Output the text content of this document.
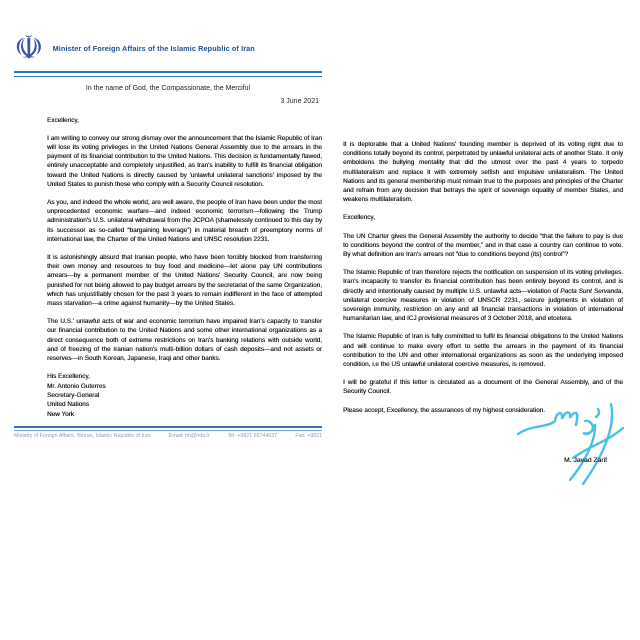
☫ Minister of Foreign Affairs of the Islamic Republic of Iran
In the name of God, the Compassionate, the Merciful
3 June 2021

Excellency,

I am writing to convey our strong dismay over the announcement that the Islamic Republic of Iran will lose its voting privileges in the United Nations General Assembly due to the arrears in the payment of its financial contribution to the United Nations. This decision is fundamentally flawed, entirely unacceptable and completely unjustified, as Iran's inability to fulfill its financial obligation toward the United Nations is directly caused by 'unlawful unilateral sanctions' imposed by the United States to punish those who comply with a Security Council resolution.

As you, and indeed the whole world, are well aware, the people of Iran have been under the most unprecedented economic warfare—and indeed economic terrorism—following the Trump administration's U.S. unilateral withdrawal from the JCPOA (shamelessly continued to this day by its successor as so-called “bargaining leverage”) in material breach of preemptory norms of international law, the Charter of the United Nations and UNSC resolution 2231.

It is astonishingly absurd that Iranian people, who have been forcibly blocked from transferring their own money and resources to buy food and medicine—let alone pay UN contributions arrears—by a permanent member of the United Nations' Security Council, are now being punished for not being allowed to pay budget arrears by the secretariat of the same Organization, which has unjustifiably chosen for the past 3 years to remain indifferent in the face of attempted mass starvation—a crime against humanity—by the United States.

The U.S.' unlawful acts of war and economic terrorism have impaired Iran's capacity to transfer our financial contribution to the United Nations and some other international organizations as a direct consequence both of extreme restrictions on Iran's banking relations with outside world, and of freezing of the Iranian nation's multi-billion dollars of cash deposits—and not assets or reserves—in South Korean, Japanese, Iraqi and other banks.

His Excellency,
Mr. Antonio Guterres
Secretary-General
United Nations
New York
Ministry of Foreign Affairs, Tehran, Islamic Republic of Iran	Email: fm@mfa.ir	Tel: +9821 66744037	Fax: +9821

It is deplorable that a United Nations' founding member is deprived of its voting right due to conditions totally beyond its control, perpetrated by unlawful unilateral acts of another State. It only emboldens the bullying mentality that did the utmost over the past 4 years to torpedo multilateralism and replace it with extremely selfish and impulsive unilateralism. The United Nations and its general membership must remain true to the purposes and principles of the Charter and refrain from any decision that betrays the spirit of sovereign equality of member States, and weakens multilateralism.

Excellency,

The UN Charter gives the General Assembly the authority to decide “that the failure to pay is due to conditions beyond the control of the member,” and in that case a country can continue to vote. By what definition are Iran's arrears not “due to conditions beyond (its) control”?

The Islamic Republic of Iran therefore rejects the notification on suspension of its voting privileges. Iran's incapacity to transfer its financial contribution has been entirely beyond its control, and is directly and intentionally caused by multiple U.S. unlawful acts—violation of Pacta Sunt Servanda, unilateral coercive measures in violation of UNSCR 2231, seizure judgments in violation of sovereign immunity, restriction on any and all financial transactions in violation of international humanitarian law, and ICJ provisional measures of 3 October 2018, and etcetera.

The Islamic Republic of Iran is fully committed to fulfil its financial obligations to the United Nations and will continue to make every effort to settle the arrears in the payment of its financial contribution to the UN and other international organizations as soon as the underlying imposed condition, i.e the US unlawful unilateral coercive measures, is removed.

I will be grateful if this letter is circulated as a document of the General Assembly, and of the Security Council.

Please accept, Excellency, the assurances of my highest consideration.

M. Javad Zarif
